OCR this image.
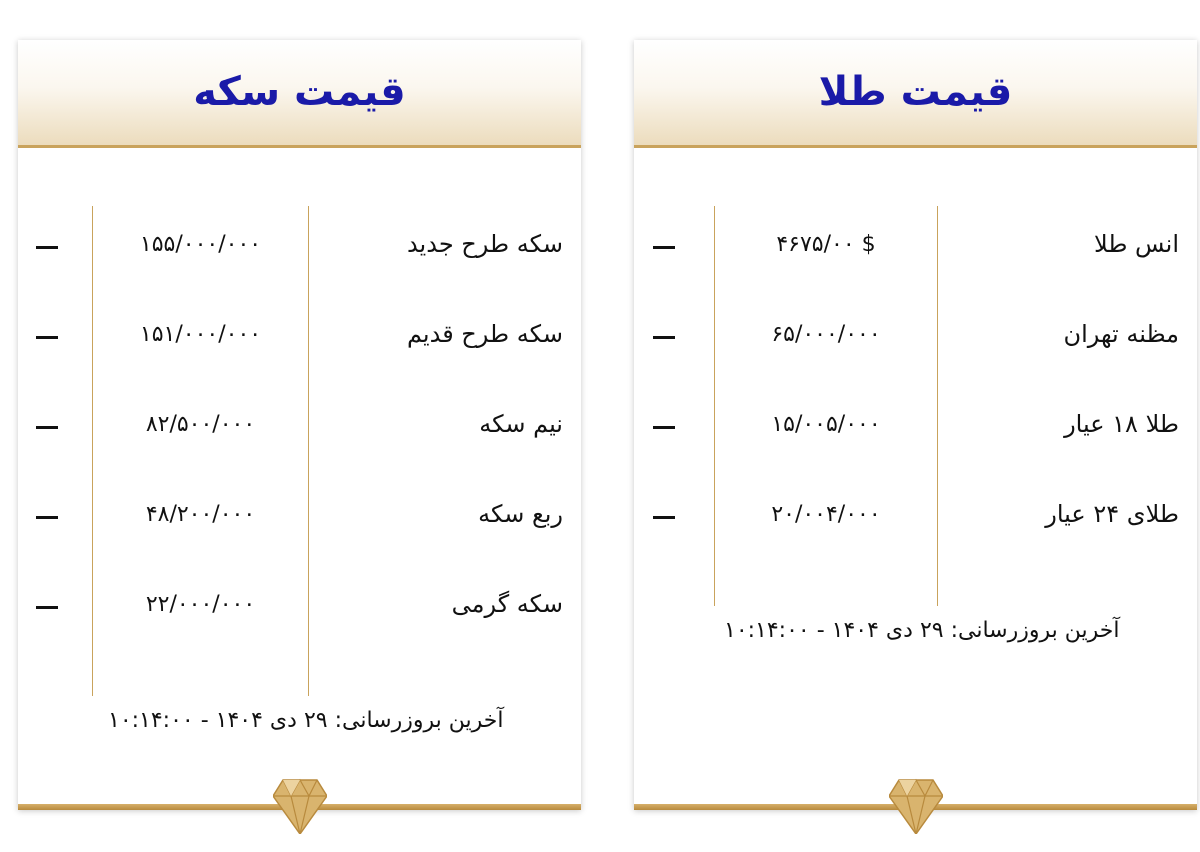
قیمت سکه
سکه طرح جدید
۱۵۵/۰۰۰/۰۰۰
سکه طرح قدیم
۱۵۱/۰۰۰/۰۰۰
نیم سکه
۸۲/۵۰۰/۰۰۰
ربع سکه
۴۸/۲۰۰/۰۰۰
سکه گرمی
۲۲/۰۰۰/۰۰۰
آخرین بروزرسانی: ۲۹ دی ۱۴۰۴ - ۱۰:۱۴:۰۰
قیمت طلا
انس طلا
۴۶۷۵/۰۰ $
مظنه تهران
۶۵/۰۰۰/۰۰۰
طلا ۱۸ عیار
۱۵/۰۰۵/۰۰۰
طلای ۲۴ عیار
۲۰/۰۰۴/۰۰۰
آخرین بروزرسانی: ۲۹ دی ۱۴۰۴ - ۱۰:۱۴:۰۰
